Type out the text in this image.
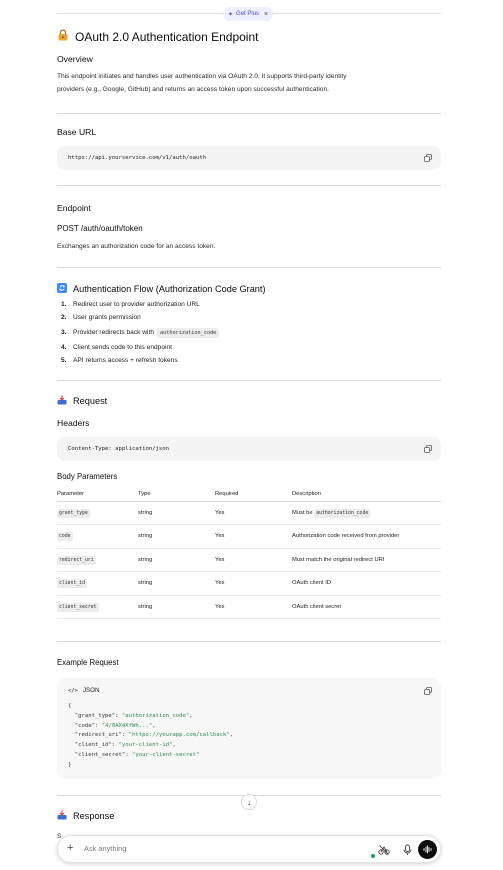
✦ Get Plus ×
OAuth 2.0 Authentication Endpoint
Overview
This endpoint initiates and handles user authentication via OAuth 2.0. It supports third-party identity
providers (e.g., Google, GitHub) and returns an access token upon successful authentication.
Base URL
https://api.yourservice.com/v1/auth/oauth
Endpoint
POST /auth/oauth/token
Exchanges an authorization code for an access token.
Authentication Flow (Authorization Code Grant)
1. Redirect user to provider authorization URL
2. User grants permission
3. Provider redirects back with	authorization_code
4. Client sends code to this endpoint
5. API returns access + refresh tokens
Request
Headers
Content-Type: application/json
Body Parameters
Parameter	Type	Required	Description
grant_type	string	Yes	Must be authorization_code
code	string	Yes	Authorization code received from provider
redirect_uri	string	Yes	Must match the original redirect URI
client_id	string	Yes	OAuth client ID
client_secret	string	Yes	OAuth client secret
Example Request
</> JSON
{
"grant_type": "authorization_code",
"code": "4/0AX4XfWh...",
"redirect_uri": "https://yourapp.com/callback",
"client_id": "your-client-id",
"client_secret": "your-client-secret"
}
↓
Response
S
+ Ask anything
